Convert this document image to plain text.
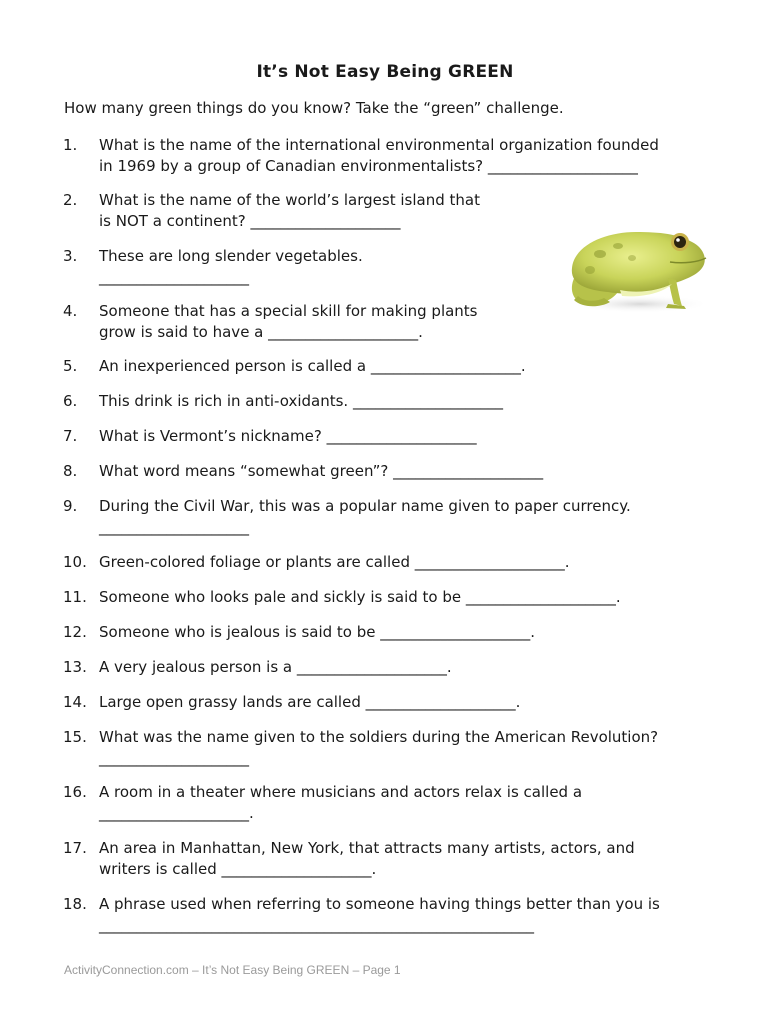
It’s Not Easy Being GREEN
How many green things do you know? Take the “green” challenge.
1. What is the name of the international environmental organization founded
in 1969 by a group of Canadian environmentalists? ____________________
2. What is the name of the world’s largest island that
is NOT a continent? ____________________
3. These are long slender vegetables.
____________________
4. Someone that has a special skill for making plants
grow is said to have a ____________________.
5. An inexperienced person is called a ____________________.
6. This drink is rich in anti-oxidants. ____________________
7. What is Vermont’s nickname? ____________________
8. What word means “somewhat green”? ____________________
9. During the Civil War, this was a popular name given to paper currency.
____________________
10. Green-colored foliage or plants are called ____________________.
11. Someone who looks pale and sickly is said to be ____________________.
12. Someone who is jealous is said to be ____________________.
13. A very jealous person is a ____________________.
14. Large open grassy lands are called ____________________.
15. What was the name given to the soldiers during the American Revolution?
____________________
16. A room in a theater where musicians and actors relax is called a
____________________.
17. An area in Manhattan, New York, that attracts many artists, actors, and
writers is called ____________________.
18. A phrase used when referring to someone having things better than you is
__________________________________________________________
ActivityConnection.com – It’s Not Easy Being GREEN – Page 1
